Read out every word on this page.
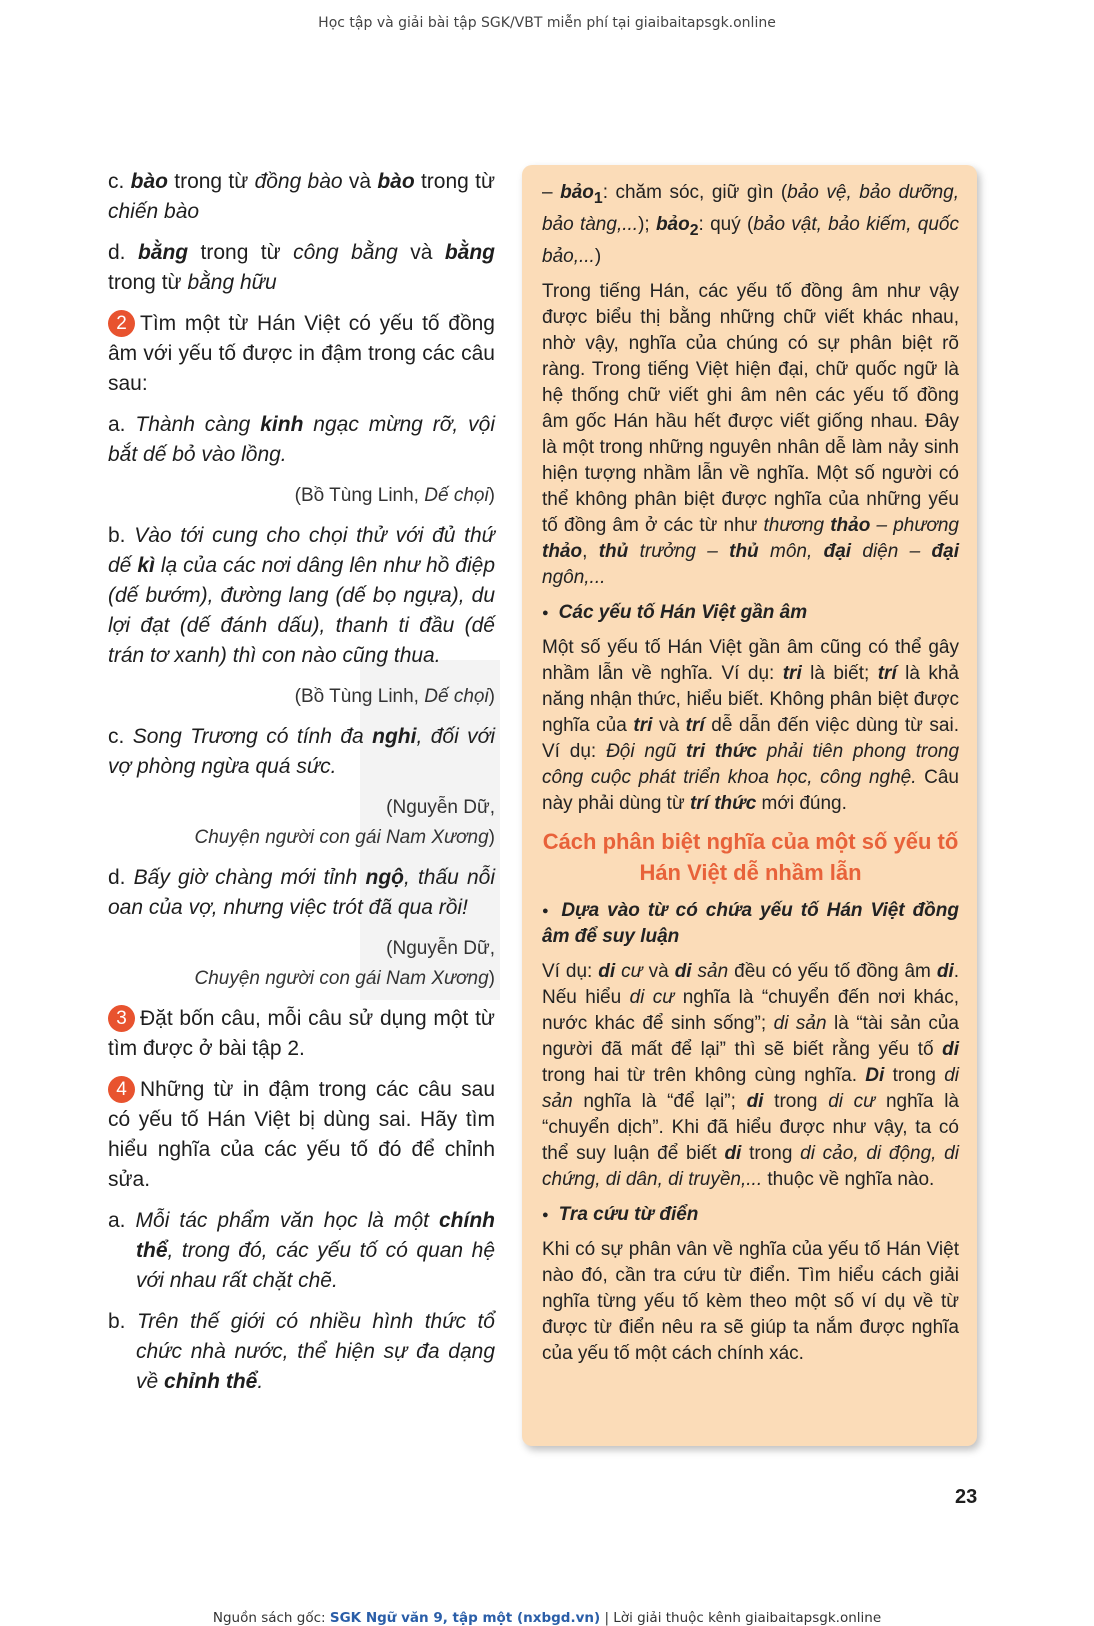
Học tập và giải bài tập SGK/VBT miễn phí tại giaibaitapsgk.online

c. bào trong từ đồng bào và bào trong từ chiến bào

d. bằng trong từ công bằng và bằng trong từ bằng hữu

2 Tìm một từ Hán Việt có yếu tố đồng âm với yếu tố được in đậm trong các câu sau:

a. Thành càng kinh ngạc mừng rỡ, vội bắt dế bỏ vào lồng.

(Bồ Tùng Linh, Dế chọi)

b. Vào tới cung cho chọi thử với đủ thứ dế kì lạ của các nơi dâng lên như hồ điệp (dế bướm), đường lang (dế bọ ngựa), du lợi đạt (dế đánh dấu), thanh ti đầu (dế trán tơ xanh) thì con nào cũng thua.

(Bồ Tùng Linh, Dế chọi)

c. Song Trương có tính đa nghi, đối với vợ phòng ngừa quá sức.

(Nguyễn Dữ,

Chuyện người con gái Nam Xương)

d. Bấy giờ chàng mới tỉnh ngộ, thấu nỗi oan của vợ, nhưng việc trót đã qua rồi!

(Nguyễn Dữ,

Chuyện người con gái Nam Xương)

3 Đặt bốn câu, mỗi câu sử dụng một từ tìm được ở bài tập 2.

4 Những từ in đậm trong các câu sau có yếu tố Hán Việt bị dùng sai. Hãy tìm hiểu nghĩa của các yếu tố đó để chỉnh sửa.

a. Mỗi tác phẩm văn học là một chính thể, trong đó, các yếu tố có quan hệ với nhau rất chặt chẽ.

b. Trên thế giới có nhiều hình thức tổ chức nhà nước, thể hiện sự đa dạng về chỉnh thể.

– bảo$_1$: chăm sóc, giữ gìn (bảo vệ, bảo dưỡng, bảo tàng,...); bảo$_2$: quý (bảo vật, bảo kiếm, quốc bảo,...)

Trong tiếng Hán, các yếu tố đồng âm như vậy được biểu thị bằng những chữ viết khác nhau, nhờ vậy, nghĩa của chúng có sự phân biệt rõ ràng. Trong tiếng Việt hiện đại, chữ quốc ngữ là hệ thống chữ viết ghi âm nên các yếu tố đồng âm gốc Hán hầu hết được viết giống nhau. Đây là một trong những nguyên nhân dễ làm nảy sinh hiện tượng nhầm lẫn về nghĩa. Một số người có thể không phân biệt được nghĩa của những yếu tố đồng âm ở các từ như thương thảo – phương thảo, thủ trưởng – thủ môn, đại diện – đại ngôn,...

● Các yếu tố Hán Việt gần âm

Một số yếu tố Hán Việt gần âm cũng có thể gây nhầm lẫn về nghĩa. Ví dụ: tri là biết; trí là khả năng nhận thức, hiểu biết. Không phân biệt được nghĩa của tri và trí dễ dẫn đến việc dùng từ sai. Ví dụ: Đội ngũ tri thức phải tiên phong trong công cuộc phát triển khoa học, công nghệ. Câu này phải dùng từ trí thức mới đúng.

Cách phân biệt nghĩa của một số yếu tố Hán Việt dễ nhầm lẫn

● Dựa vào từ có chứa yếu tố Hán Việt đồng âm để suy luận

Ví dụ: di cư và di sản đều có yếu tố đồng âm di. Nếu hiểu di cư nghĩa là “chuyển đến nơi khác, nước khác để sinh sống”; di sản là “tài sản của người đã mất để lại” thì sẽ biết rằng yếu tố di trong hai từ trên không cùng nghĩa. Di trong di sản nghĩa là “để lại”; di trong di cư nghĩa là “chuyển dịch”. Khi đã hiểu được như vậy, ta có thể suy luận để biết di trong di cảo, di động, di chứng, di dân, di truyền,... thuộc về nghĩa nào.

● Tra cứu từ điển

Khi có sự phân vân về nghĩa của yếu tố Hán Việt nào đó, cần tra cứu từ điển. Tìm hiểu cách giải nghĩa từng yếu tố kèm theo một số ví dụ về từ được từ điển nêu ra sẽ giúp ta nắm được nghĩa của yếu tố một cách chính xác.

23
Nguồn sách gốc: SGK Ngữ văn 9, tập một (nxbgd.vn) | Lời giải thuộc kênh giaibaitapsgk.online
